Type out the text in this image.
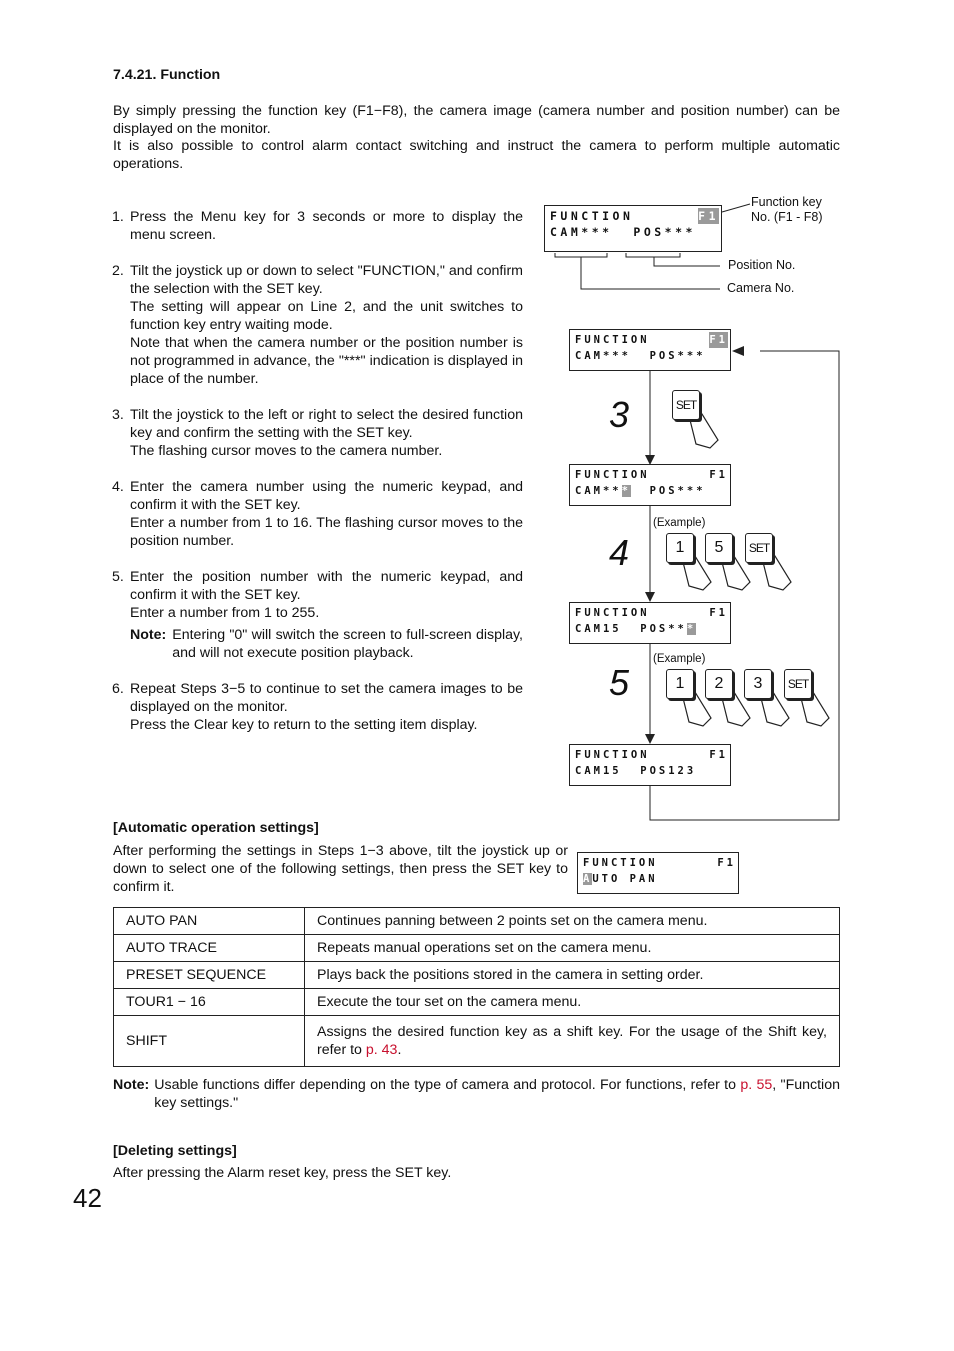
7.4.21. Function
By simply pressing the function key (F1−F8), the camera image (camera number and position number) can be displayed on the monitor.
It is also possible to control alarm contact switching and instruct the camera to perform multiple automatic operations.
1. Press the Menu key for 3 seconds or more to display the menu screen.

2. Tilt the joystick up or down to select "FUNCTION," and confirm the selection with the SET key.

The setting will appear on Line 2, and the unit switches to function key entry waiting mode.

Note that when the camera number or the position number is not programmed in advance, the "***" indication is displayed in place of the number.

3. Tilt the joystick to the left or right to select the desired function key and confirm the setting with the SET key.

The flashing cursor moves to the camera number.

4. Enter the camera number using the numeric keypad, and confirm it with the SET key.

Enter a number from 1 to 16. The flashing cursor moves to the position number.

5. Enter the position number with the numeric keypad, and confirm it with the SET key.

Enter a number from 1 to 255.

Note: Entering "0" will switch the screen to full-screen display, and will not execute position playback.
6. Repeat Steps 3−5 to continue to set the camera images to be displayed on the monitor.

Press the Clear key to return to the setting item display.

FUNCTION	F1
CAM*** POS***
Function key No. (F1 - F8)
Position No.
Camera No.
FUNCTION	F1
CAM*** POS***
FUNCTION	F1
CAM*** POS***
FUNCTION	F1
CAM15 POS***
FUNCTION	F1
CAM15 POS123
3
4
5
SET
(Example)
1	5	SET
(Example)
1	2	3	SET
[Automatic operation settings]
After performing the settings in Steps 1−3 above, tilt the joystick up or down to select one of the following settings, then press the SET key to confirm it.
FUNCTION	F1
AUTO PAN
AUTO PAN	Continues panning between 2 points set on the camera menu.
AUTO TRACE	Repeats manual operations set on the camera menu.
PRESET SEQUENCE	Plays back the positions stored in the camera in setting order.
TOUR1 − 16	Execute the tour set on the camera menu.
SHIFT	Assigns the desired function key as a shift key. For the usage of the Shift key, refer to p. 43.
Note: Usable functions differ depending on the type of camera and protocol. For functions, refer to p. 55, "Function key settings."
[Deleting settings]
After pressing the Alarm reset key, press the SET key.
42
